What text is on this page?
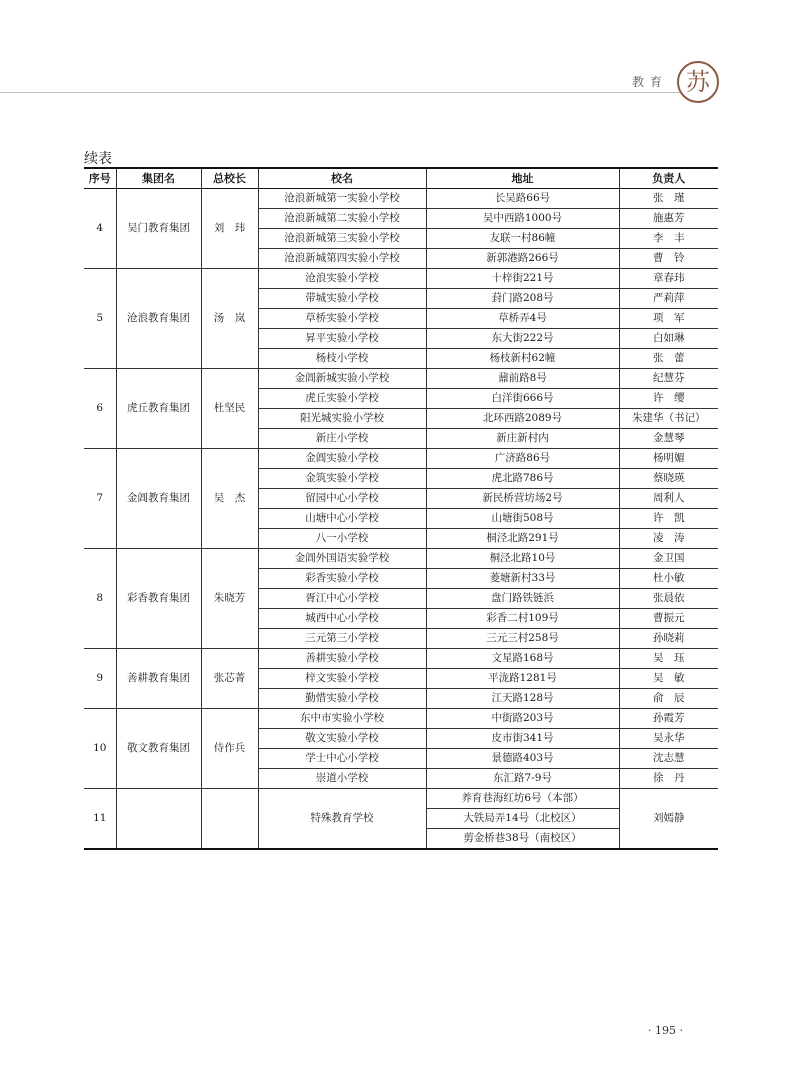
教育 苏
续表
序号	集团名	总校长	校名	地址	负责人
4	吴门教育集团	刘　玮	沧浪新城第一实验小学校	长吴路66号	张　瑾
			沧浪新城第二实验小学校	吴中西路1000号	施惠芳
			沧浪新城第三实验小学校	友联一村86幢	李　丰
			沧浪新城第四实验小学校	新郭港路266号	曹　铃
5	沧浪教育集团	汤　岚	沧浪实验小学校	十梓街221号	章春玮
			带城实验小学校	葑门路208号	严莉萍
			草桥实验小学校	草桥弄4号	项　军
			昇平实验小学校	东大街222号	白如琳
			杨枝小学校	杨枝新村62幢	张　蕾
6	虎丘教育集团	杜坚民	金阊新城实验小学校	鼐前路8号	纪慧芬
			虎丘实验小学校	白洋街666号	许　缨
			阳光城实验小学校	北环西路2089号	朱建华（书记）
			新庄小学校	新庄新村内	金慧琴
7	金阊教育集团	吴　杰	金阊实验小学校	广济路86号	杨明媚
			金筑实验小学校	虎北路786号	蔡晓瑛
			留园中心小学校	新民桥营坊场2号	周利人
			山塘中心小学校	山塘街508号	许　凯
			八一小学校	桐泾北路291号	凌　涛
8	彩香教育集团	朱晓芳	金阊外国语实验学校	桐泾北路10号	金卫国
			彩香实验小学校	菱塘新村33号	杜小敏
			胥江中心小学校	盘门路铁链浜	张晨依
			城西中心小学校	彩香二村109号	曹振元
			三元第三小学校	三元三村258号	孙晓莉
9	善耕教育集团	张芯菁	善耕实验小学校	文星路168号	吴　珏
			梓文实验小学校	平泷路1281号	吴　敏
			勤惜实验小学校	江天路128号	俞　辰
10	敬文教育集团	侍作兵	东中市实验小学校	中街路203号	孙霞芳
			敬文实验小学校	皮市街341号	吴永华
			学士中心小学校	景德路403号	沈志慧
			崇道小学校	东汇路7-9号	徐　丹
11			特殊教育学校	养育巷海红坊6号（本部）	刘嫣静
				大铁局弄14号（北校区）	
				剪金桥巷38号（南校区）	
· 195 ·
